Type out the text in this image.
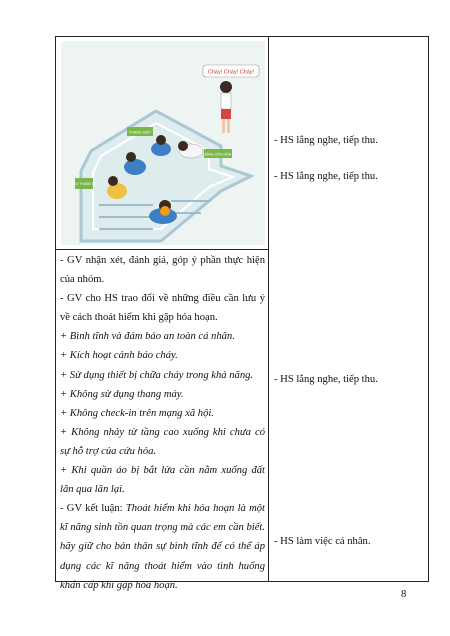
THANG MÁY
BÌNH CỨU HỎA
CẦU THANG BỘ
Cháy! Cháy! Cháy!

- GV nhận xét, đánh giá, góp ý phần thực hiện của nhóm.

- GV cho HS trao đổi về những điều cần lưu ý về cách thoát hiểm khi gặp hỏa hoạn.

+ Bình tĩnh và đảm bảo an toàn cá nhân.

+ Kích hoạt cảnh báo cháy.

+ Sử dụng thiết bị chữa cháy trong khả năng.

+ Không sử dụng thang máy.

+ Không check-in trên mạng xã hội.

+ Không nhảy từ tầng cao xuống khi chưa có sự hỗ trợ của cứu hỏa.

+ Khi quần áo bị bắt lửa cần nằm xuống đất lăn qua lăn lại.

- GV kết luận: Thoát hiểm khi hỏa hoạn là một kĩ năng sinh tồn quan trọng mà các em cần biết. hãy giữ cho bản thân sự bình tĩnh để có thể áp dụng các kĩ năng thoát hiểm vào tình huống khẩn cấp khi gặp hỏa hoạn.

- HS lắng nghe, tiếp thu.
- HS lắng nghe, tiếp thu.
- HS lắng nghe, tiếp thu.
- HS làm việc cá nhân.
8
